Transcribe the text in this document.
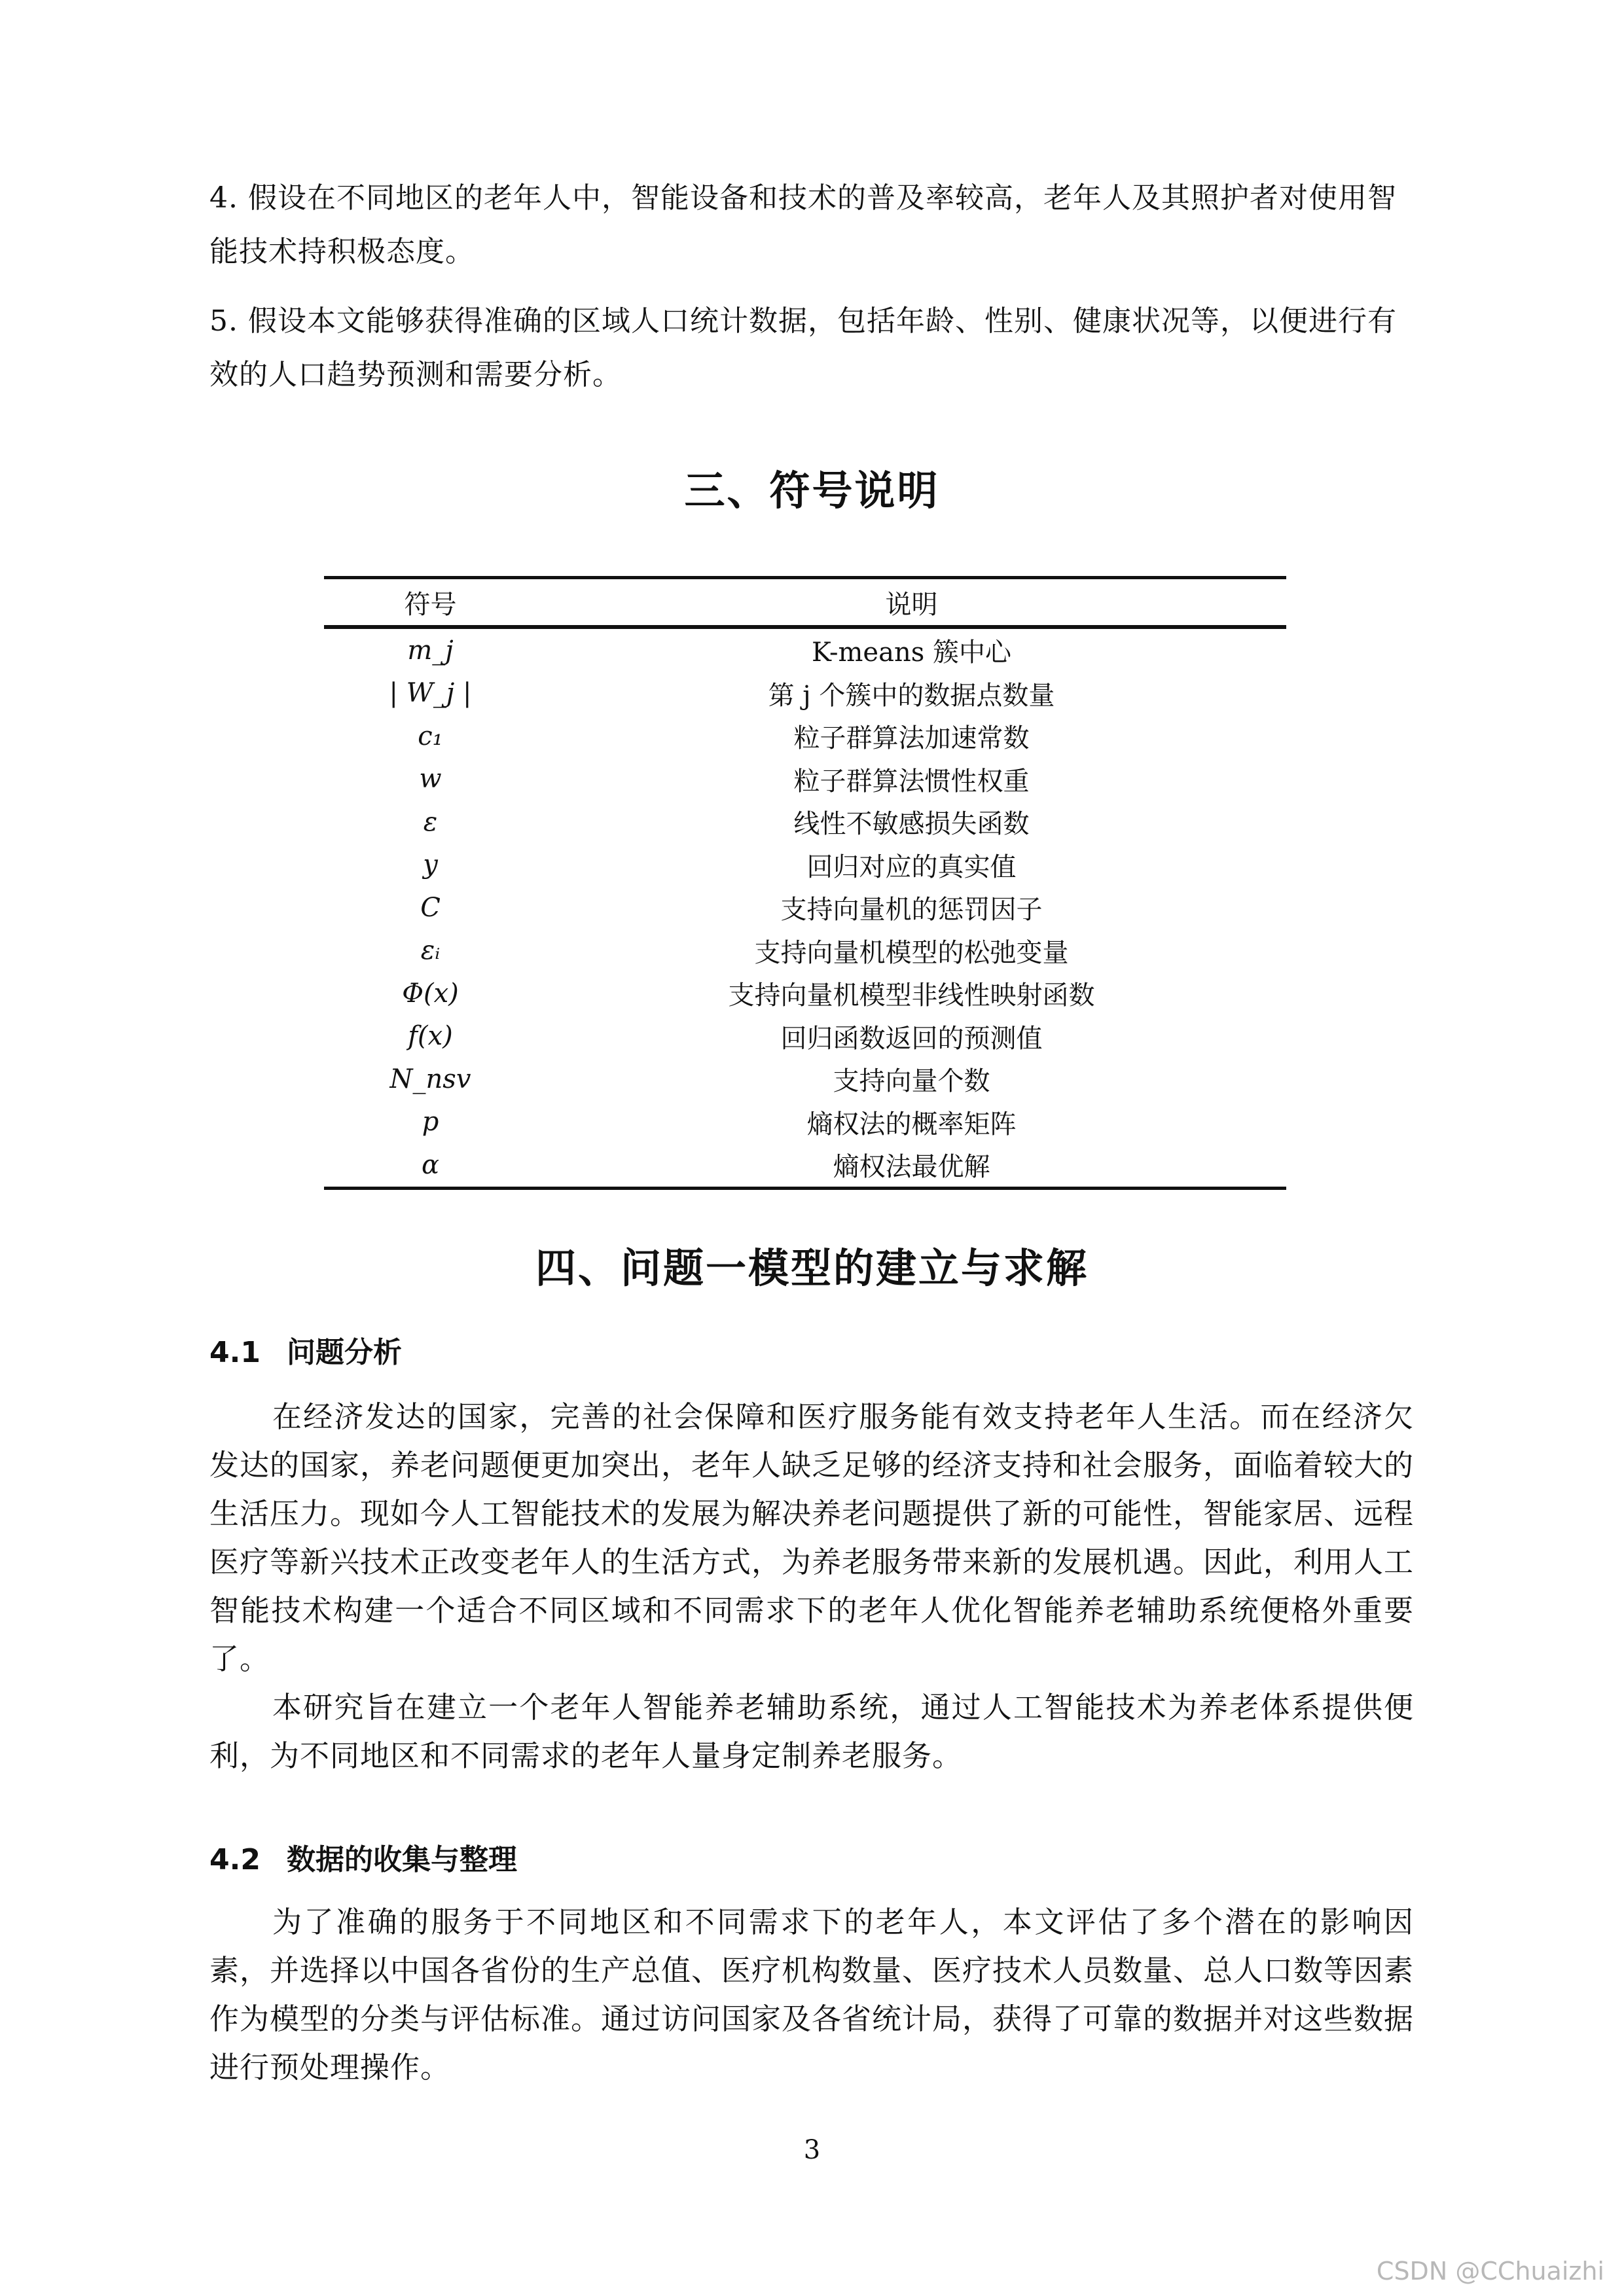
4. 假设在不同地区的老年人中，智能设备和技术的普及率较高，老年人及其照护者对使用智能技术持积极态度。

5. 假设本文能够获得准确的区域人口统计数据，包括年龄、性别、健康状况等，以便进行有效的人口趋势预测和需要分析。

三、符号说明
符号	说明
m_j	K-means 簇中心
| W_j |	第 j 个簇中的数据点数量
c₁	粒子群算法加速常数
w	粒子群算法惯性权重
ε	线性不敏感损失函数
y	回归对应的真实值
C	支持向量机的惩罚因子
εᵢ	支持向量机模型的松弛变量
Φ(x)	支持向量机模型非线性映射函数
f(x)	回归函数返回的预测值
N_nsv	支持向量个数
p	熵权法的概率矩阵
α	熵权法最优解
四、问题一模型的建立与求解
4.1 问题分析

在经济发达的国家，完善的社会保障和医疗服务能有效支持老年人生活。而在经济欠发达的国家，养老问题便更加突出，老年人缺乏足够的经济支持和社会服务，面临着较大的生活压力。现如今人工智能技术的发展为解决养老问题提供了新的可能性，智能家居、远程医疗等新兴技术正改变老年人的生活方式，为养老服务带来新的发展机遇。因此，利用人工智能技术构建一个适合不同区域和不同需求下的老年人优化智能养老辅助系统便格外重要了。

本研究旨在建立一个老年人智能养老辅助系统，通过人工智能技术为养老体系提供便利，为不同地区和不同需求的老年人量身定制养老服务。

4.2 数据的收集与整理

为了准确的服务于不同地区和不同需求下的老年人，本文评估了多个潜在的影响因素，并选择以中国各省份的生产总值、医疗机构数量、医疗技术人员数量、总人口数等因素作为模型的分类与评估标准。通过访问国家及各省统计局，获得了可靠的数据并对这些数据进行预处理操作。

3
CSDN @CChuaizhi
